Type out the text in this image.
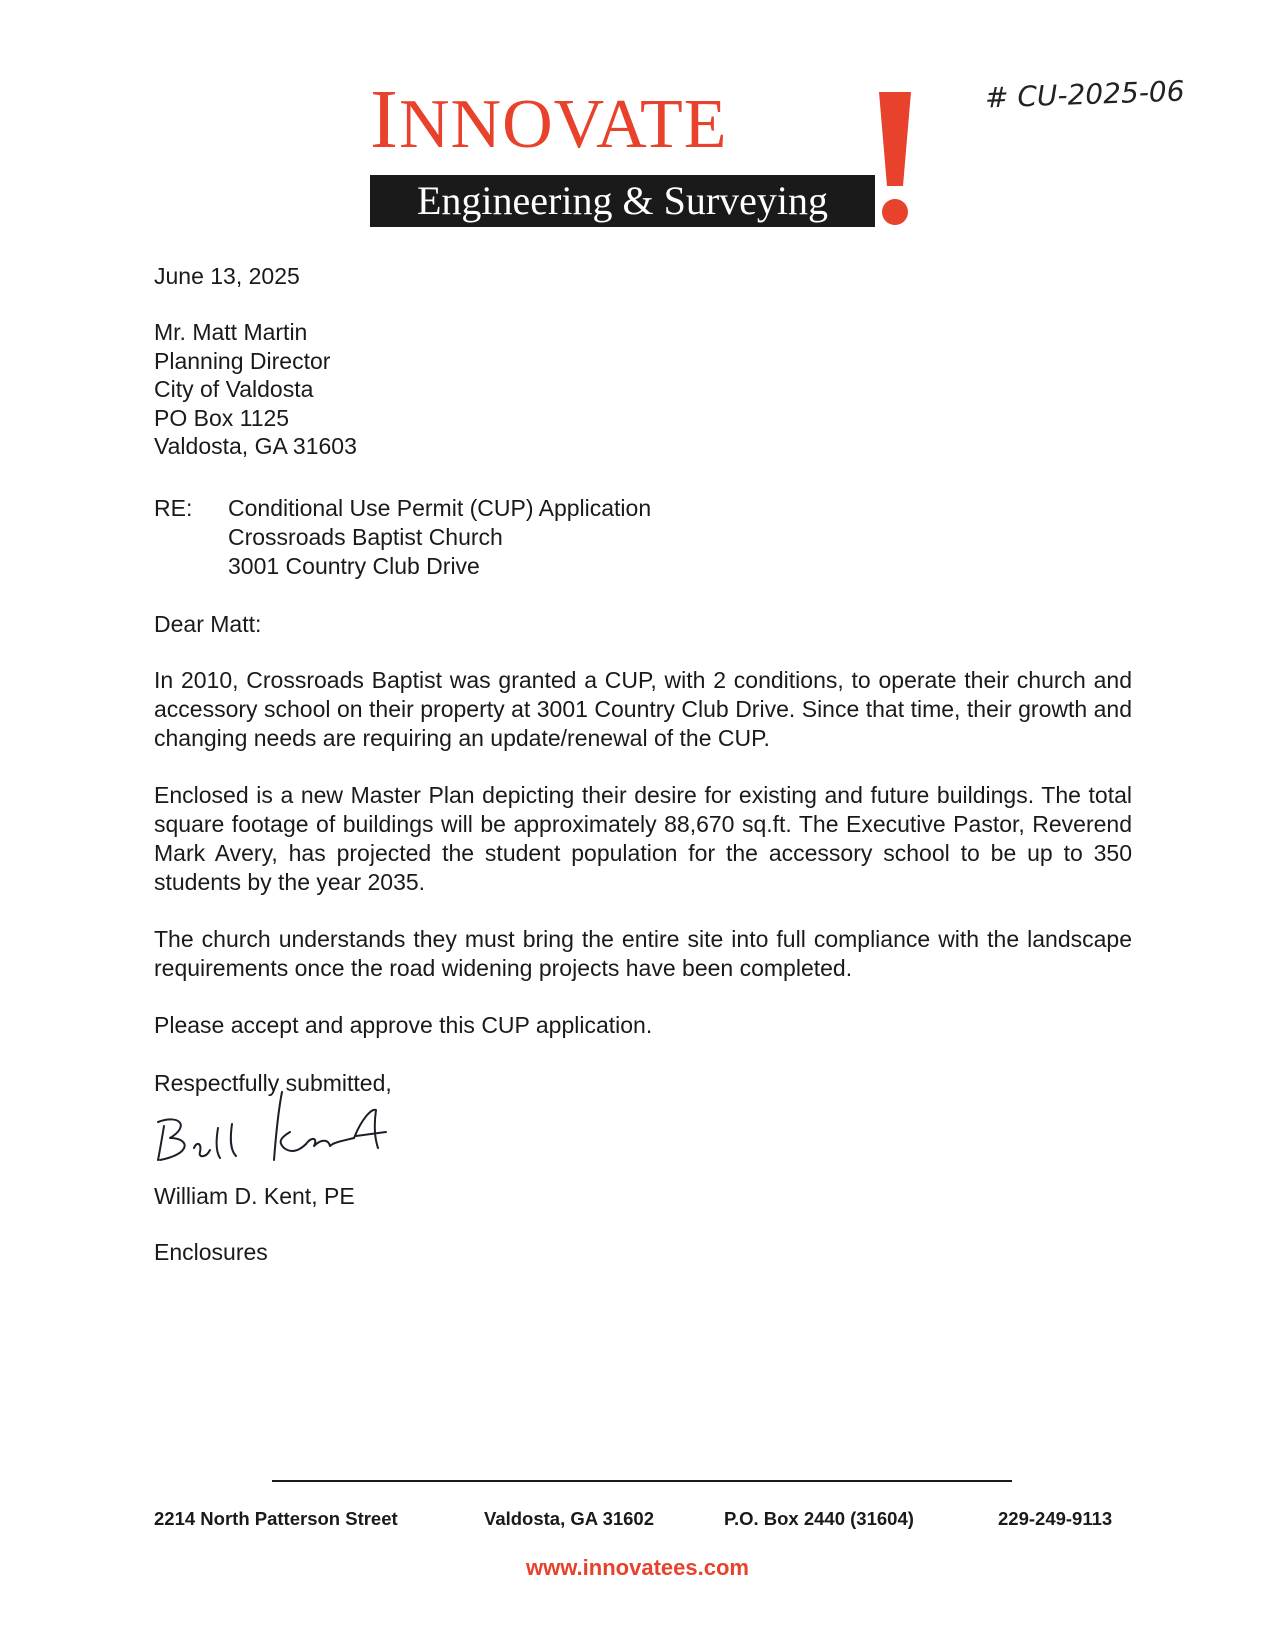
INNOVATE
Engineering & Surveying
# CU-2025-06
June 13, 2025
Mr. Matt Martin
Planning Director
City of Valdosta
PO Box 1125
Valdosta, GA 31603
RE: Conditional Use Permit (CUP) Application
Crossroads Baptist Church
3001 Country Club Drive
Dear Matt:
In 2010, Crossroads Baptist was granted a CUP, with 2 conditions, to operate their church and accessory school on their property at 3001 Country Club Drive. Since that time, their growth and changing needs are requiring an update/renewal of the CUP.
Enclosed is a new Master Plan depicting their desire for existing and future buildings. The total square footage of buildings will be approximately 88,670 sq.ft. The Executive Pastor, Reverend Mark Avery, has projected the student population for the accessory school to be up to 350 students by the year 2035.
The church understands they must bring the entire site into full compliance with the landscape requirements once the road widening projects have been completed.
Please accept and approve this CUP application.
Respectfully submitted,
William D. Kent, PE
Enclosures
2214 North Patterson Street	Valdosta, GA 31602	P.O. Box 2440 (31604)	229-249-9113
www.innovatees.com
